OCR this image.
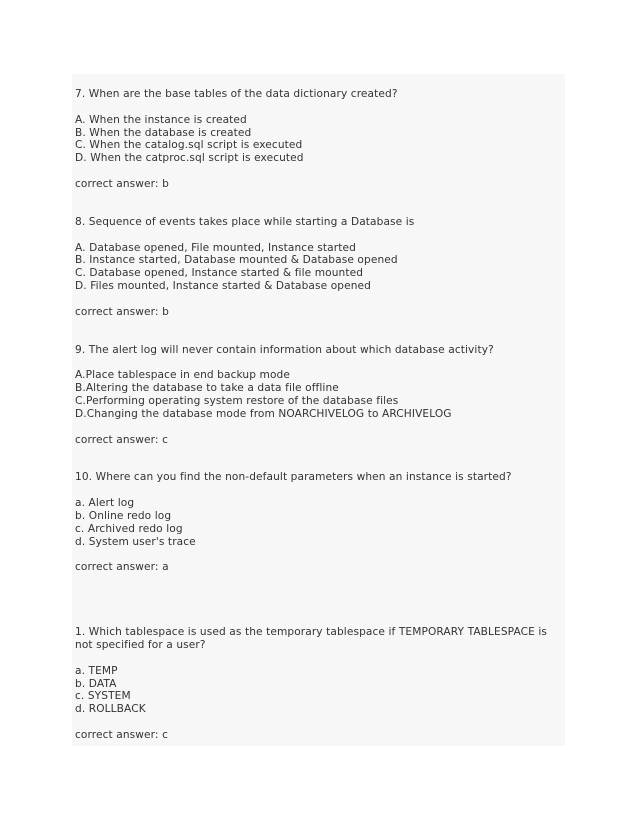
7. When are the base tables of the data dictionary created?
A. When the instance is created
B. When the database is created
C. When the catalog.sql script is executed
D. When the catproc.sql script is executed
correct answer: b
8. Sequence of events takes place while starting a Database is
A. Database opened, File mounted, Instance started
B. Instance started, Database mounted & Database opened
C. Database opened, Instance started & file mounted
D. Files mounted, Instance started & Database opened
correct answer: b
9. The alert log will never contain information about which database activity?
A.Place tablespace in end backup mode
B.Altering the database to take a data file offline
C.Performing operating system restore of the database files
D.Changing the database mode from NOARCHIVELOG to ARCHIVELOG
correct answer: c
10. Where can you find the non-default parameters when an instance is started?
a. Alert log
b. Online redo log
c. Archived redo log
d. System user's trace
correct answer: a
1. Which tablespace is used as the temporary tablespace if TEMPORARY TABLESPACE is not specified for a user?
a. TEMP
b. DATA
c. SYSTEM
d. ROLLBACK
correct answer: c
